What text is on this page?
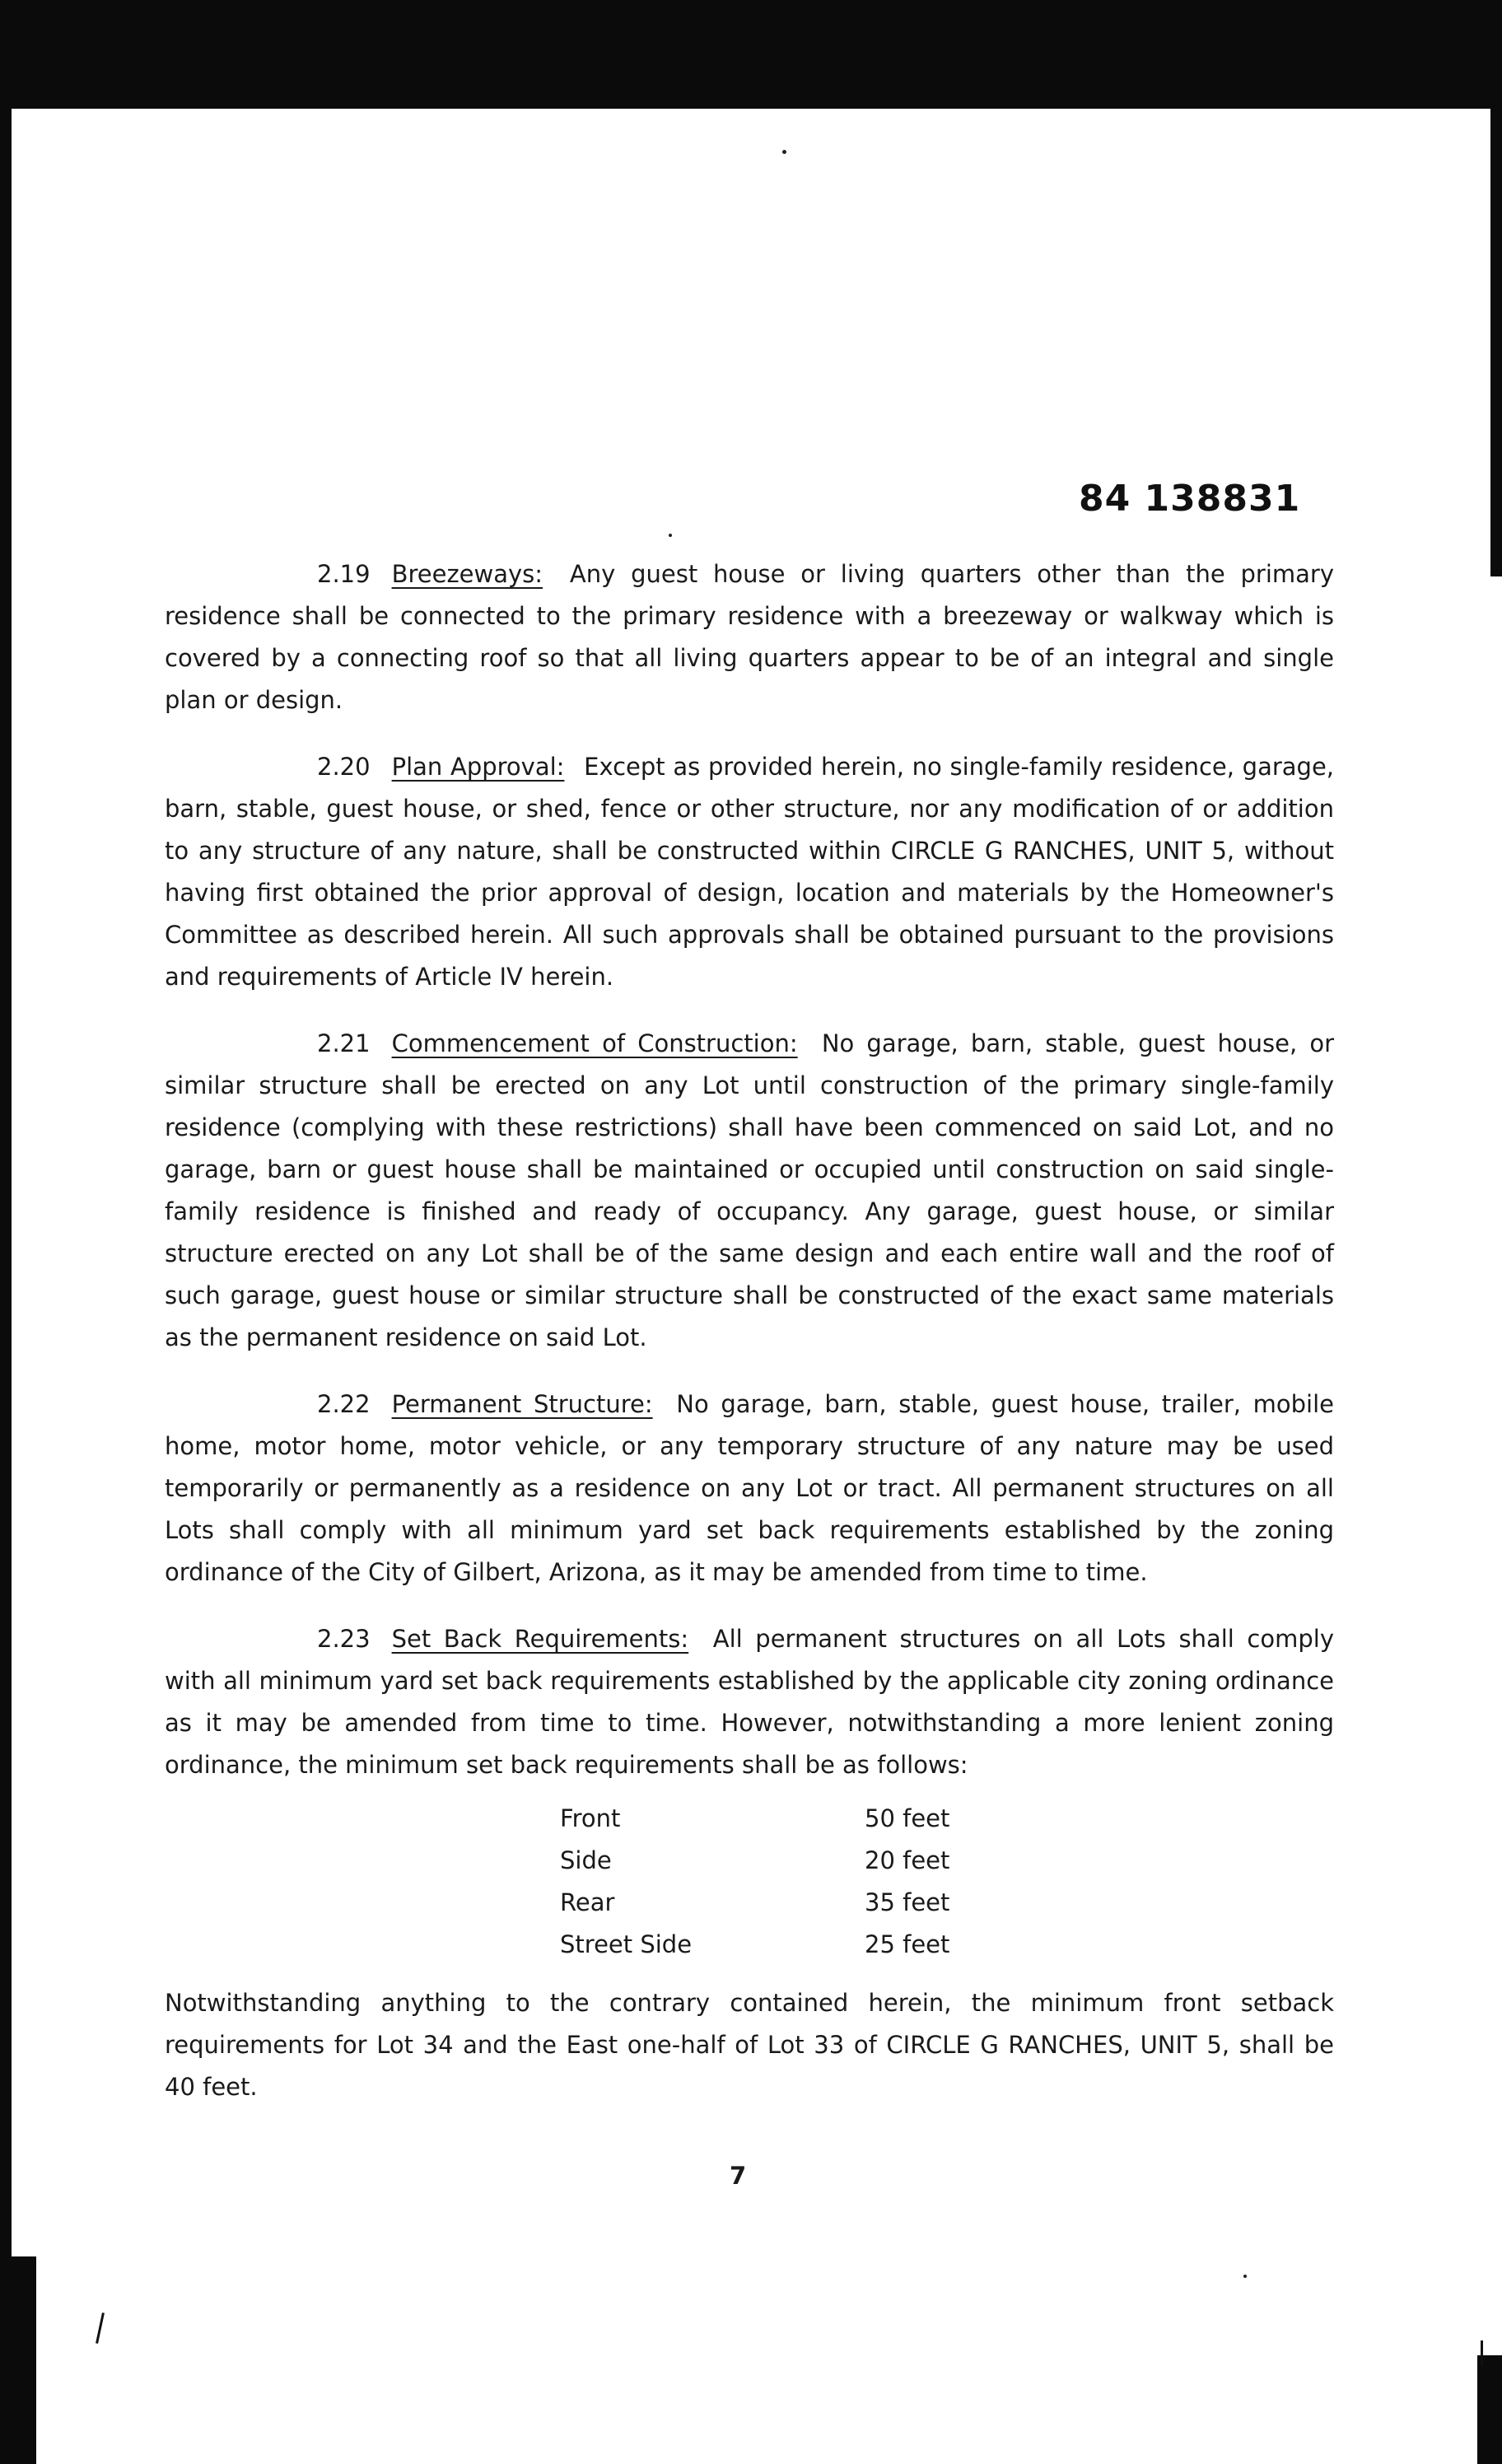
84 138831

2.19 Breezeways: Any guest house or living quarters other than the primary residence shall be connected to the primary residence with a breezeway or walkway which is covered by a connecting roof so that all living quarters appear to be of an integral and single plan or design.

2.20 Plan Approval: Except as provided herein, no single-family residence, garage, barn, stable, guest house, or shed, fence or other structure, nor any modification of or addition to any structure of any nature, shall be constructed within CIRCLE G RANCHES, UNIT 5, without having first obtained the prior approval of design, location and materials by the Homeowner's Committee as described herein. All such approvals shall be obtained pursuant to the provisions and requirements of Article IV herein.

2.21 Commencement of Construction: No garage, barn, stable, guest house, or similar structure shall be erected on any Lot until construction of the primary single-family residence (complying with these restrictions) shall have been commenced on said Lot, and no garage, barn or guest house shall be maintained or occupied until construction on said single-family residence is finished and ready of occupancy. Any garage, guest house, or similar structure erected on any Lot shall be of the same design and each entire wall and the roof of such garage, guest house or similar structure shall be constructed of the exact same materials as the permanent residence on said Lot.

2.22 Permanent Structure: No garage, barn, stable, guest house, trailer, mobile home, motor home, motor vehicle, or any temporary structure of any nature may be used temporarily or permanently as a residence on any Lot or tract. All permanent structures on all Lots shall comply with all minimum yard set back requirements established by the zoning ordinance of the City of Gilbert, Arizona, as it may be amended from time to time.

2.23 Set Back Requirements: All permanent structures on all Lots shall comply with all minimum yard set back requirements established by the applicable city zoning ordinance as it may be amended from time to time. However, notwithstanding a more lenient zoning ordinance, the minimum set back requirements shall be as follows:

Front	50 feet
Side	20 feet
Rear	35 feet
Street Side	25 feet

Notwithstanding anything to the contrary contained herein, the minimum front setback requirements for Lot 34 and the East one-half of Lot 33 of CIRCLE G RANCHES, UNIT 5, shall be 40 feet.

7
